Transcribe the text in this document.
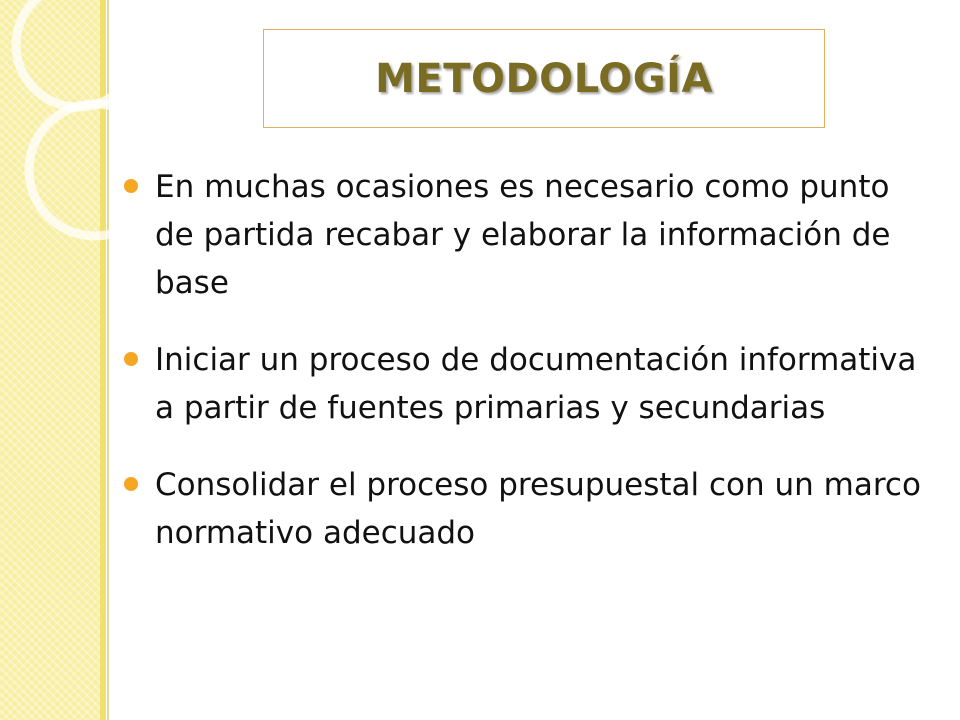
METODOLOGÍA
En muchas ocasiones es necesario como punto de partida recabar y elaborar la información de base
Iniciar un proceso de documentación informativa a partir de fuentes primarias y secundarias
Consolidar el proceso presupuestal con un marco normativo adecuado
